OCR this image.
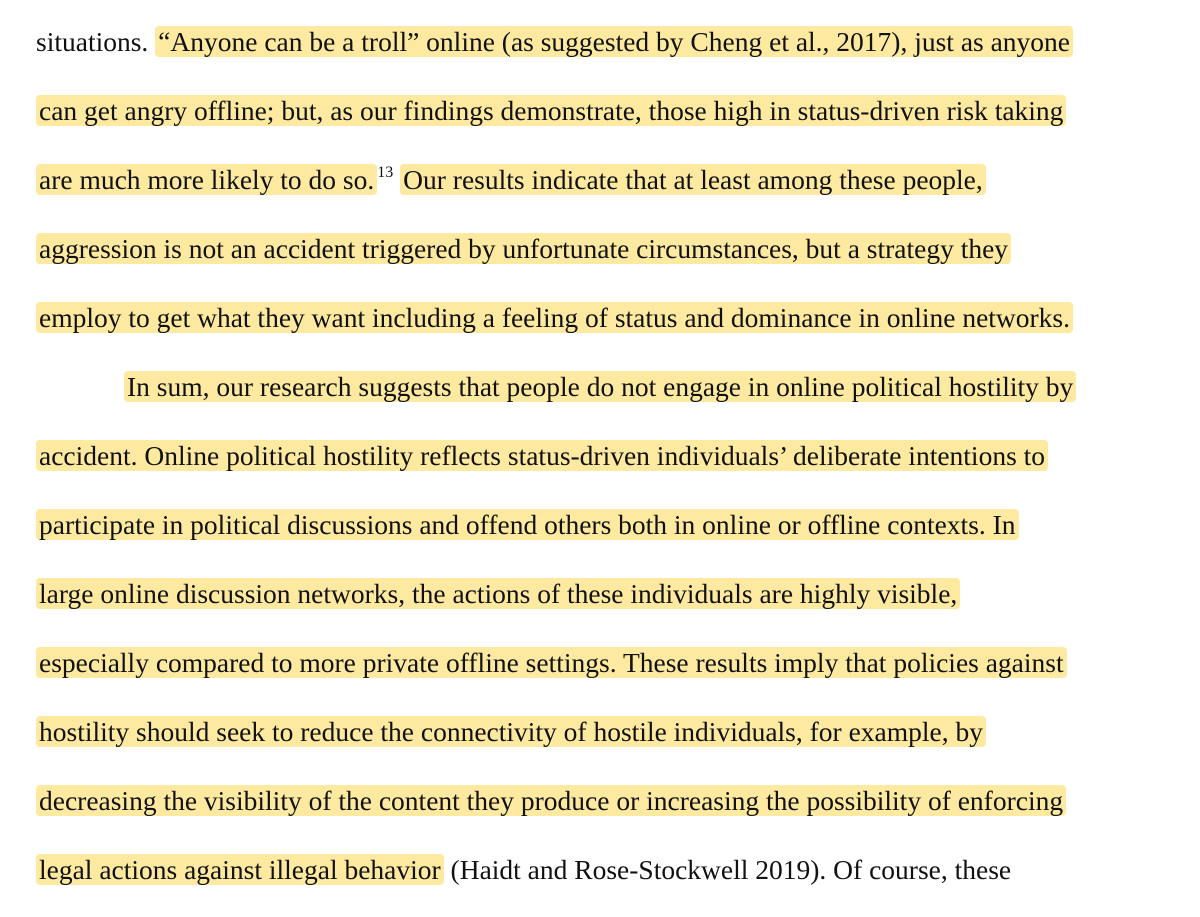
situations. “Anyone can be a troll” online (as suggested by Cheng et al., 2017), just as anyone
can get angry offline; but, as our findings demonstrate, those high in status-driven risk taking
are much more likely to do so. $^{13}$ Our results indicate that at least among these people,
aggression is not an accident triggered by unfortunate circumstances, but a strategy they
employ to get what they want including a feeling of status and dominance in online networks.
In sum, our research suggests that people do not engage in online political hostility by
accident. Online political hostility reflects status-driven individuals’ deliberate intentions to
participate in political discussions and offend others both in online or offline contexts. In
large online discussion networks, the actions of these individuals are highly visible,
especially compared to more private offline settings. These results imply that policies against
hostility should seek to reduce the connectivity of hostile individuals, for example, by
decreasing the visibility of the content they produce or increasing the possibility of enforcing
legal actions against illegal behavior (Haidt and Rose-Stockwell 2019). Of course, these
